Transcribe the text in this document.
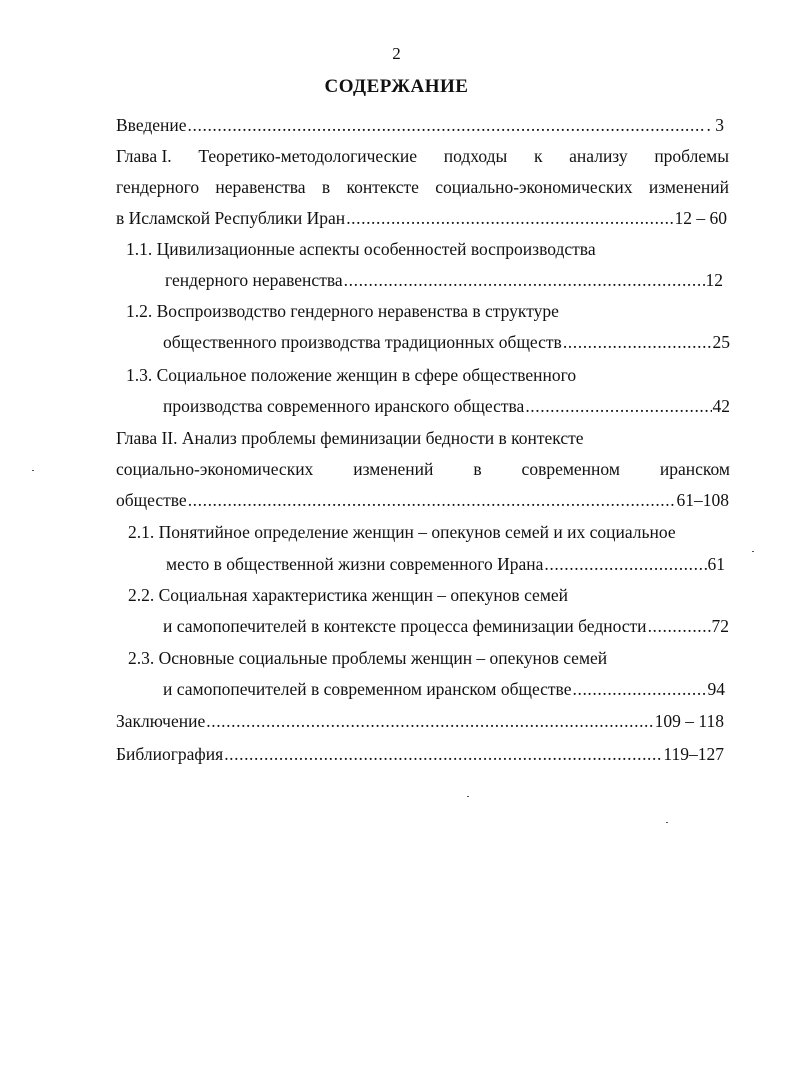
2
СОДЕРЖАНИЕ
Введение .....	. 3
Глава I. Теоретико-методологические подходы к анализу проблемы
гендерного неравенства в контексте социально-экономических изменений
в Исламской Республики Иран .....	12 – 60
1.1. Цивилизационные аспекты особенностей воспроизводства
гендерного неравенства .....	12
1.2. Воспроизводство гендерного неравенства в структуре
общественного производства традиционных обществ .....	25
1.3. Социальное положение женщин в сфере общественного
производства современного иранского общества .....	42
Глава II. Анализ проблемы феминизации бедности в контексте
социально-экономических изменений в современном иранском
обществе .....	61–108
2.1. Понятийное определение женщин – опекунов семей и их социальное
место в общественной жизни современного Ирана .....	61
2.2. Социальная характеристика женщин – опекунов семей
и самопопечителей в контексте процесса феминизации бедности .....	72
2.3. Основные социальные проблемы женщин – опекунов семей
и самопопечителей в современном иранском обществе .....	94
Заключение .....	109 – 118
Библиография .....	119–127
